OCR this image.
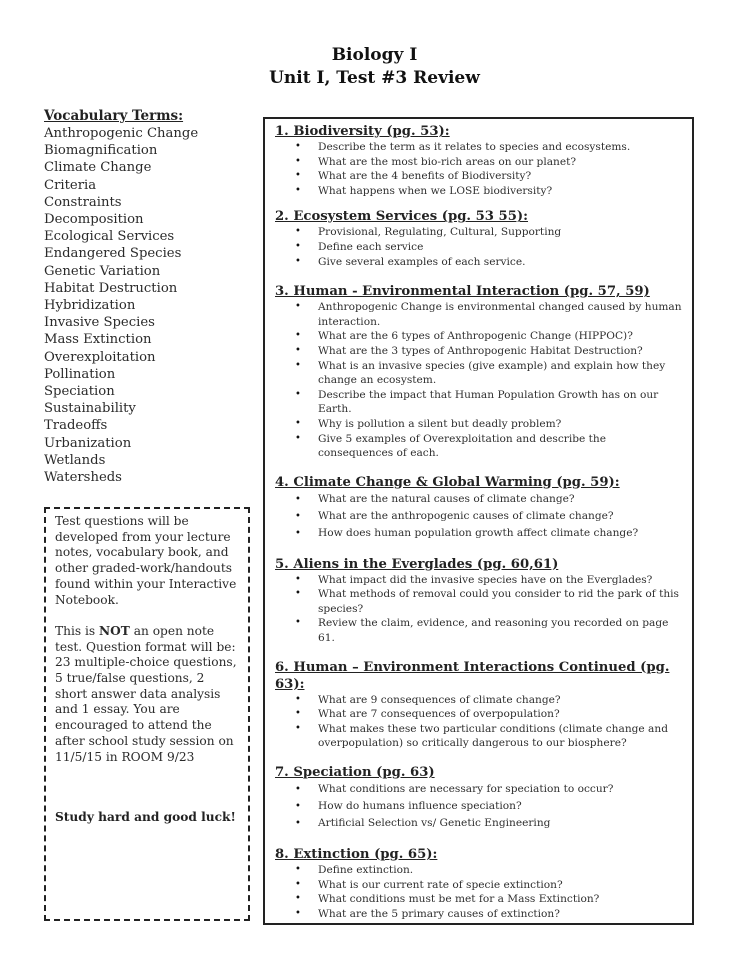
Biology I
Unit I, Test #3 Review
Vocabulary Terms:
Anthropogenic Change
Biomagnification
Climate Change
Criteria
Constraints
Decomposition
Ecological Services
Endangered Species
Genetic Variation
Habitat Destruction
Hybridization
Invasive Species
Mass Extinction
Overexploitation
Pollination
Speciation
Sustainability
Tradeoffs
Urbanization
Wetlands
Watersheds

Test questions will be developed from your lecture notes, vocabulary book, and other graded-work/handouts found within your Interactive Notebook.

This is NOT an open note test. Question format will be: 23 multiple-choice questions, 5 true/false questions, 2 short answer data analysis and 1 essay. You are encouraged to attend the after school study session on 11/5/15 in ROOM 9/23

Study hard and good luck!

1. Biodiversity (pg. 53):
• Describe the term as it relates to species and ecosystems.
• What are the most bio-rich areas on our planet?
• What are the 4 benefits of Biodiversity?
• What happens when we LOSE biodiversity?
2. Ecosystem Services (pg. 53 55):
• Provisional, Regulating, Cultural, Supporting
• Define each service
• Give several examples of each service.
3. Human - Environmental Interaction (pg. 57, 59)
• Anthropogenic Change is environmental changed caused by human interaction.
• What are the 6 types of Anthropogenic Change (HIPPOC)?
• What are the 3 types of Anthropogenic Habitat Destruction?
• What is an invasive species (give example) and explain how they change an ecosystem.
• Describe the impact that Human Population Growth has on our Earth.
• Why is pollution a silent but deadly problem?
• Give 5 examples of Overexploitation and describe the consequences of each.
4. Climate Change & Global Warming (pg. 59):
• What are the natural causes of climate change?
• What are the anthropogenic causes of climate change?
• How does human population growth affect climate change?
5. Aliens in the Everglades (pg. 60,61)
• What impact did the invasive species have on the Everglades?
• What methods of removal could you consider to rid the park of this species?
• Review the claim, evidence, and reasoning you recorded on page 61.
6. Human – Environment Interactions Continued (pg. 63):
• What are 9 consequences of climate change?
• What are 7 consequences of overpopulation?
• What makes these two particular conditions (climate change and overpopulation) so critically dangerous to our biosphere?
7. Speciation (pg. 63)
• What conditions are necessary for speciation to occur?
• How do humans influence speciation?
• Artificial Selection vs/ Genetic Engineering
8. Extinction (pg. 65):
• Define extinction.
• What is our current rate of specie extinction?
• What conditions must be met for a Mass Extinction?
• What are the 5 primary causes of extinction?
